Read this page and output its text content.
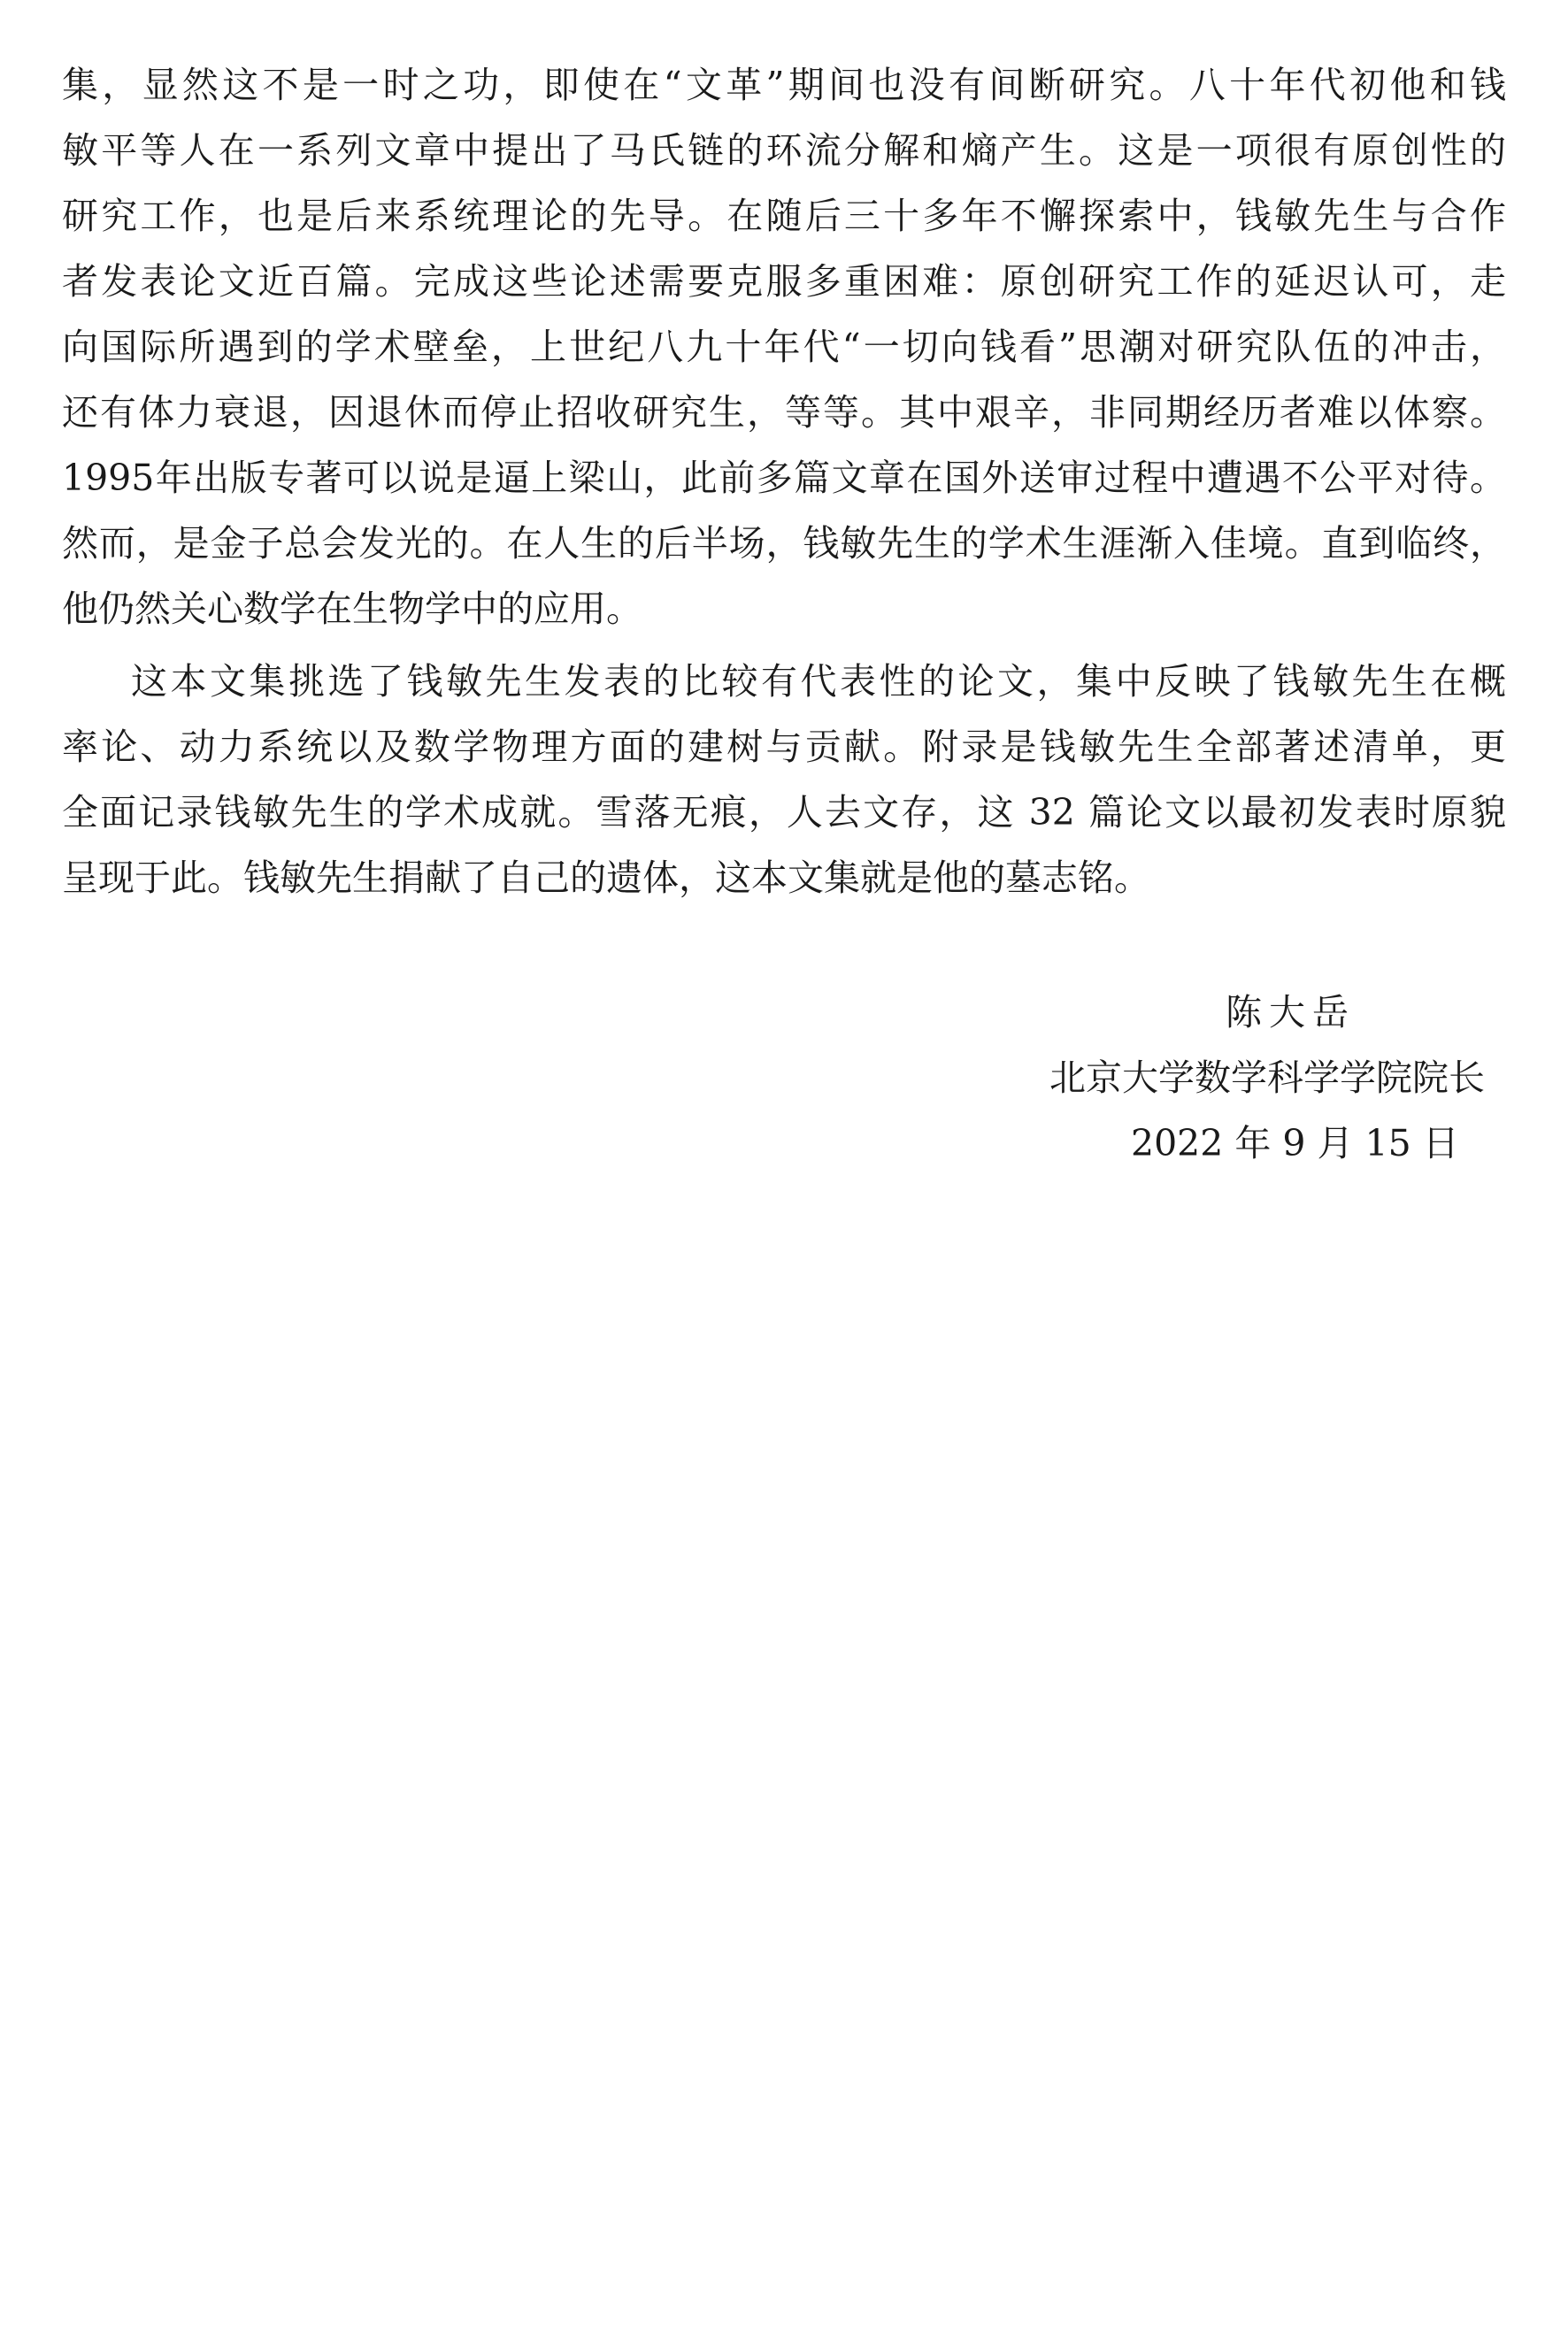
集，显然这不是一时之功，即使在“文革”期间也没有间断研究。八十年代初他和钱
敏平等人在一系列文章中提出了马氏链的环流分解和熵产生。这是一项很有原创性的
研究工作，也是后来系统理论的先导。在随后三十多年不懈探索中，钱敏先生与合作
者发表论文近百篇。完成这些论述需要克服多重困难：原创研究工作的延迟认可，走
向国际所遇到的学术壁垒，上世纪八九十年代“一切向钱看”思潮对研究队伍的冲击，
还有体力衰退，因退休而停止招收研究生，等等。其中艰辛，非同期经历者难以体察。
1995年出版专著可以说是逼上梁山，此前多篇文章在国外送审过程中遭遇不公平对待。
然而，是金子总会发光的。在人生的后半场，钱敏先生的学术生涯渐入佳境。直到临终，
他仍然关心数学在生物学中的应用。
这本文集挑选了钱敏先生发表的比较有代表性的论文，集中反映了钱敏先生在概
率论、动力系统以及数学物理方面的建树与贡献。附录是钱敏先生全部著述清单，更
全面记录钱敏先生的学术成就。雪落无痕，人去文存，这 32 篇论文以最初发表时原貌
呈现于此。钱敏先生捐献了自己的遗体，这本文集就是他的墓志铭。
陈大岳
北京大学数学科学学院院长
2022 年 9 月 15 日
